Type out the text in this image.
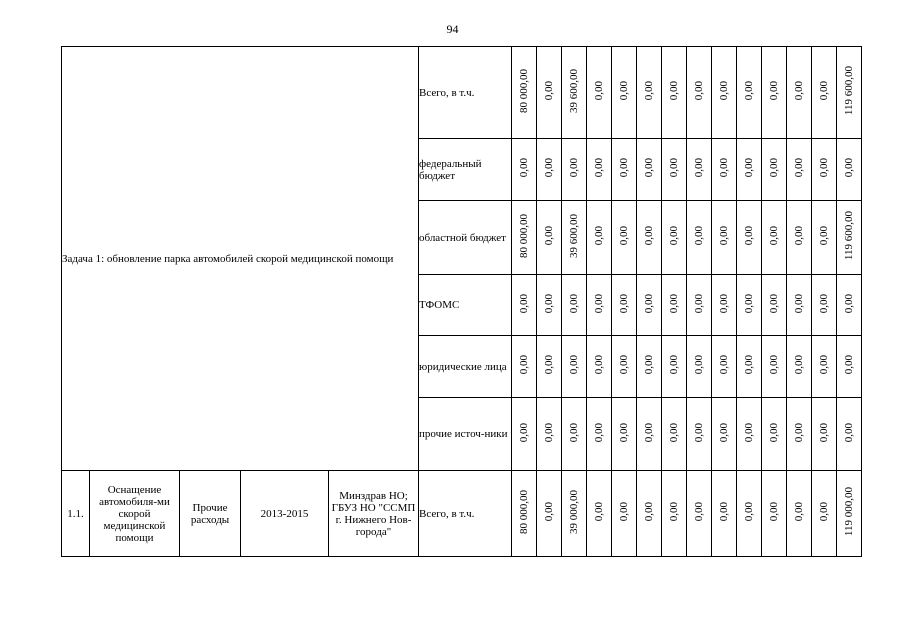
94
Задача 1: обновление парка автомобилей скорой медицинской помощи					Всего, в т.ч.	80 000,00	0,00	39 600,00	0,00	0,00	0,00	0,00	0,00	0,00	0,00	0,00	0,00	0,00	119 600,00
					федеральный бюджет	0,00	0,00	0,00	0,00	0,00	0,00	0,00	0,00	0,00	0,00	0,00	0,00	0,00	0,00
					областной бюджет	80 000,00	0,00	39 600,00	0,00	0,00	0,00	0,00	0,00	0,00	0,00	0,00	0,00	0,00	119 600,00
					ТФОМС	0,00	0,00	0,00	0,00	0,00	0,00	0,00	0,00	0,00	0,00	0,00	0,00	0,00	0,00
					юридические лица	0,00	0,00	0,00	0,00	0,00	0,00	0,00	0,00	0,00	0,00	0,00	0,00	0,00	0,00
					прочие источ-ники	0,00	0,00	0,00	0,00	0,00	0,00	0,00	0,00	0,00	0,00	0,00	0,00	0,00	0,00
1.1.	Оснащение автомобиля-ми скорой медицинской помощи	Прочие расходы	2013-2015	Минздрав НО; ГБУЗ НО "ССМП г. Нижнего Нов-города"	Всего, в т.ч.	80 000,00	0,00	39 000,00	0,00	0,00	0,00	0,00	0,00	0,00	0,00	0,00	0,00	0,00	119 000,00
